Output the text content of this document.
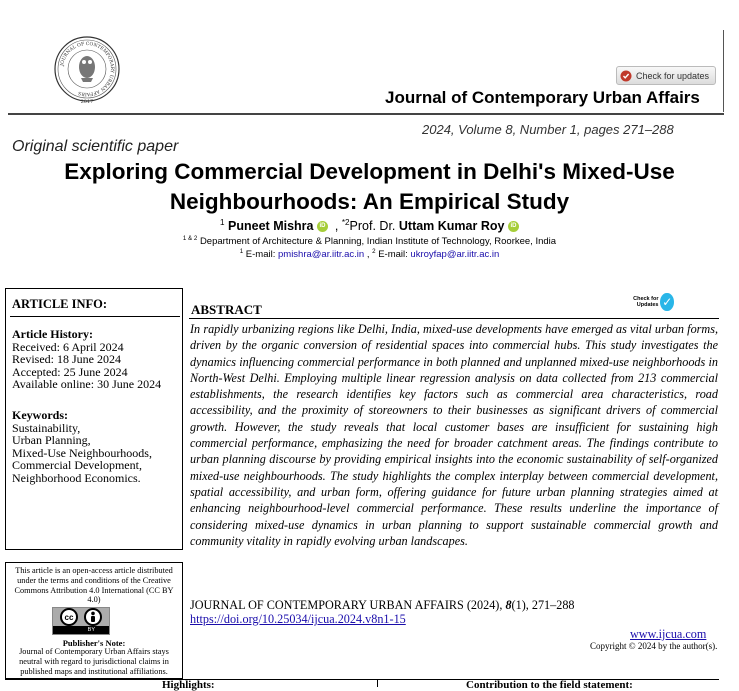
JOURNAL OF CONTEMPORARY URBAN AFFAIRS
2017
Check for updates
Journal of Contemporary Urban Affairs
2024, Volume 8, Number 1, pages 271–288
Original scientific paper
Exploring Commercial Development in Delhi's Mixed-Use
Neighbourhoods: An Empirical Study
$^1$ Puneet Mishra iD  , $^{*2}$Prof. Dr. Uttam Kumar Roy iD
$^{1 \& 2}$ Department of Architecture & Planning, Indian Institute of Technology, Roorkee, India
$^1$ E-mail: pmishra@ar.iitr.ac.in , $^2$ E-mail: ukroyfap@ar.iitr.ac.in
ARTICLE INFO:
Article History:
Received: 6 April 2024
Revised: 18 June 2024
Accepted: 25 June 2024
Available online: 30 June 2024
Keywords:
Sustainability,
Urban Planning,
Mixed-Use Neighbourhoods,
Commercial Development,
Neighborhood Economics.
This article is an open-access article distributed under the terms and conditions of the Creative Commons Attribution 4.0 International (CC BY 4.0)
cc
BY
Publisher's Note:
Journal of Contemporary Urban Affairs stays neutral with regard to jurisdictional claims in published maps and institutional affiliations.
ABSTRACT
Check for Updates ✓
In rapidly urbanizing regions like Delhi, India, mixed-use developments have emerged as vital urban forms, driven by the organic conversion of residential spaces into commercial hubs. This study investigates the dynamics influencing commercial performance in both planned and unplanned mixed-use neighborhoods in North-West Delhi. Employing multiple linear regression analysis on data collected from 213 commercial establishments, the research identifies key factors such as commercial area characteristics, road accessibility, and the proximity of storeowners to their businesses as significant drivers of commercial growth. However, the study reveals that local customer bases are insufficient for sustaining high commercial performance, emphasizing the need for broader catchment areas. The findings contribute to urban planning discourse by providing empirical insights into the economic sustainability of self-organized mixed-use neighbourhoods. The study highlights the complex interplay between commercial development, spatial accessibility, and urban form, offering guidance for future urban planning strategies aimed at enhancing neighbourhood-level commercial performance. These results underline the importance of considering mixed-use dynamics in urban planning to support sustainable commercial growth and community vitality in rapidly evolving urban landscapes.
JOURNAL OF CONTEMPORARY URBAN AFFAIRS (2024), 8(1), 271–288
https://doi.org/10.25034/ijcua.2024.v8n1-15
www.ijcua.com
Copyright © 2024 by the author(s).
Highlights:	Contribution to the field statement:
